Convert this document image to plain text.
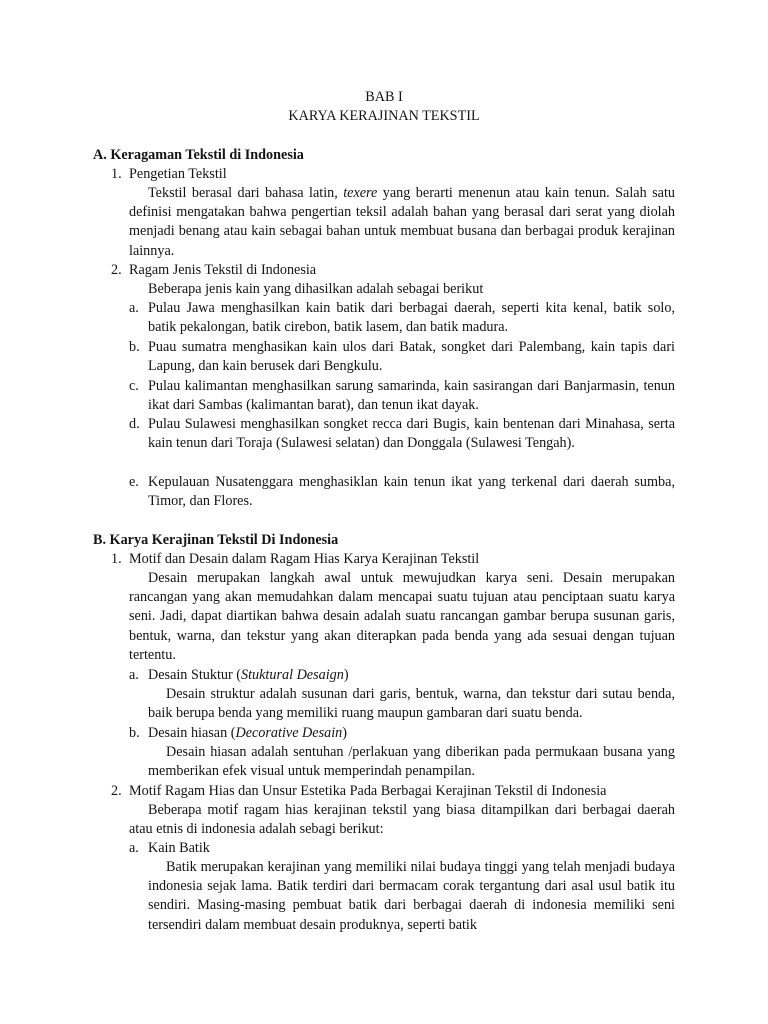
BAB I
KARYA KERAJINAN TEKSTIL
A. Keragaman Tekstil di Indonesia
1. Pengetian Tekstil

Tekstil berasal dari bahasa latin, texere yang berarti menenun atau kain tenun. Salah satu definisi mengatakan bahwa pengertian teksil adalah bahan yang berasal dari serat yang diolah menjadi benang atau kain sebagai bahan untuk membuat busana dan berbagai produk kerajinan lainnya.

2. Ragam Jenis Tekstil di Indonesia
Beberapa jenis kain yang dihasilkan adalah sebagai berikut
a. Pulau Jawa menghasilkan kain batik dari berbagai daerah, seperti kita kenal, batik solo, batik pekalongan, batik cirebon, batik lasem, dan batik madura.
b. Puau sumatra menghasikan kain ulos dari Batak, songket dari Palembang, kain tapis dari Lapung, dan kain berusek dari Bengkulu.
c. Pulau kalimantan menghasilkan sarung samarinda, kain sasirangan dari Banjarmasin, tenun ikat dari Sambas (kalimantan barat), dan tenun ikat dayak.
d. Pulau Sulawesi menghasilkan songket recca dari Bugis, kain bentenan dari Minahasa, serta kain tenun dari Toraja (Sulawesi selatan) dan Donggala (Sulawesi Tengah).
e. Kepulauan Nusatenggara menghasiklan kain tenun ikat yang terkenal dari daerah sumba, Timor, dan Flores.
B. Karya Kerajinan Tekstil Di Indonesia
1. Motif dan Desain dalam Ragam Hias Karya Kerajinan Tekstil

Desain merupakan langkah awal untuk mewujudkan karya seni. Desain merupakan rancangan yang akan memudahkan dalam mencapai suatu tujuan atau penciptaan suatu karya seni. Jadi, dapat diartikan bahwa desain adalah suatu rancangan gambar berupa susunan garis, bentuk, warna, dan tekstur yang akan diterapkan pada benda yang ada sesuai dengan tujuan tertentu.

a. Desain Stuktur (Stuktural Desaign)

Desain struktur adalah susunan dari garis, bentuk, warna, dan tekstur dari sutau benda, baik berupa benda yang memiliki ruang maupun gambaran dari suatu benda.

b. Desain hiasan (Decorative Desain)

Desain hiasan adalah sentuhan /perlakuan yang diberikan pada permukaan busana yang memberikan efek visual untuk memperindah penampilan.

2. Motif Ragam Hias dan Unsur Estetika Pada Berbagai Kerajinan Tekstil di Indonesia

Beberapa motif ragam hias kerajinan tekstil yang biasa ditampilkan dari berbagai daerah atau etnis di indonesia adalah sebagi berikut:

a. Kain Batik

Batik merupakan kerajinan yang memiliki nilai budaya tinggi yang telah menjadi budaya indonesia sejak lama. Batik terdiri dari bermacam corak tergantung dari asal usul batik itu sendiri. Masing-masing pembuat batik dari berbagai daerah di indonesia memiliki seni tersendiri dalam membuat desain produknya, seperti batik
